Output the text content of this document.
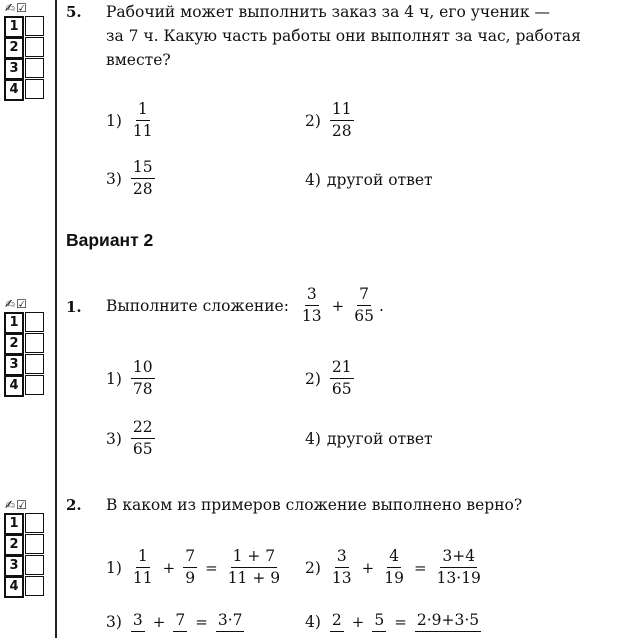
✍☑
1
2
3
4
5. Рабочий может выполнить заказ за 4 ч, его ученик —
за 7 ч. Какую часть работы они выполнят за час, работая
вместе?
$1) \frac{1}{11}$	$2) \frac{11}{28}$
$3) \frac{15}{28}$	4) другой ответ
Вариант 2
✍☑
1
2
3
4
1. Выполните сложение: $\frac{3}{13} + \frac{7}{65}$ .
$1) \frac{10}{78}$	$2) \frac{21}{65}$
$3) \frac{22}{65}$	4) другой ответ
✍☑
1
2
3
4
2. В каком из примеров сложение выполнено верно?
$1) \frac{1}{11} + \frac{7}{9} = \frac{1 + 7}{11 + 9} 2) \frac{3}{13} + \frac{4}{19} = \frac{3+4}{13\cdot 19}$
3) 3 + 7 = 3·7	4) 2 + 5 = 2·9+3·5
